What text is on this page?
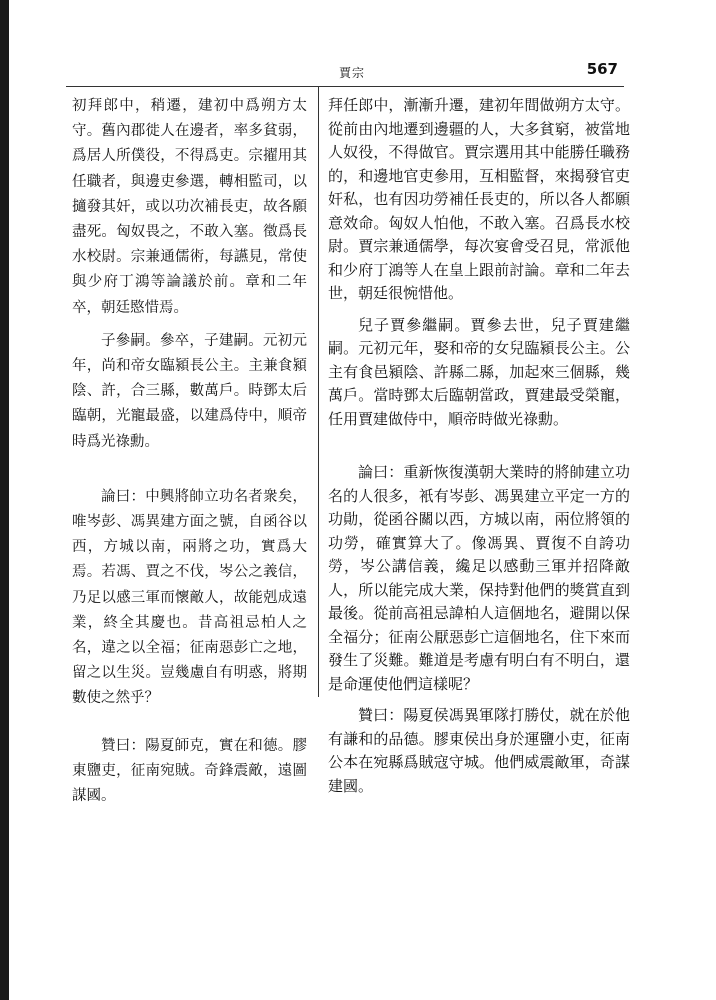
賈宗	567

初拜郎中，稍遷，建初中爲朔方太守。舊內郡徙人在邊者，率多貧弱，爲居人所僕役，不得爲吏。宗擢用其任職者，與邊吏參選，轉相監司，以擿發其奸，或以功次補長吏，故各願盡死。匈奴畏之，不敢入塞。徵爲長水校尉。宗兼通儒術，每讌見，常使與少府丁鴻等論議於前。章和二年卒，朝廷愍惜焉。

子參嗣。參卒，子建嗣。元初元年，尚和帝女臨潁長公主。主兼食潁陰、許，合三縣，數萬戶。時鄧太后臨朝，光寵最盛，以建爲侍中，順帝時爲光祿勳。

論曰：中興將帥立功名者衆矣，唯岑彭、馮異建方面之號，自函谷以西，方城以南，兩將之功，實爲大焉。若馮、賈之不伐，岑公之義信，乃足以感三軍而懷敵人，故能剋成遠業，終全其慶也。昔高祖忌柏人之名，違之以全福；征南惡彭亡之地，留之以生災。豈幾慮自有明惑，將期數使之然乎？

贊曰：陽夏師克，實在和德。膠東鹽吏，征南宛賊。奇鋒震敵，遠圖謀國。

拜任郎中，漸漸升遷，建初年間做朔方太守。從前由內地遷到邊疆的人，大多貧窮，被當地人奴役，不得做官。賈宗選用其中能勝任職務的，和邊地官吏參用，互相監督，來揭發官吏奸私，也有因功勞補任長吏的，所以各人都願意效命。匈奴人怕他，不敢入塞。召爲長水校尉。賈宗兼通儒學，每次宴會受召見，常派他和少府丁鴻等人在皇上跟前討論。章和二年去世，朝廷很惋惜他。

兒子賈參繼嗣。賈參去世，兒子賈建繼嗣。元初元年，娶和帝的女兒臨潁長公主。公主有食邑潁陰、許縣二縣，加起來三個縣，幾萬戶。當時鄧太后臨朝當政，賈建最受榮寵，任用賈建做侍中，順帝時做光祿勳。

論曰：重新恢復漢朝大業時的將帥建立功名的人很多，衹有岑彭、馮異建立平定一方的功勛，從函谷關以西，方城以南，兩位將領的功勞，確實算大了。像馮異、賈復不自誇功勞，岑公講信義，纔足以感動三軍并招降敵人，所以能完成大業，保持對他們的獎賞直到最後。從前高祖忌諱柏人這個地名，避開以保全福分；征南公厭惡彭亡這個地名，住下來而發生了災難。難道是考慮有明白有不明白，還是命運使他們這樣呢？

贊曰：陽夏侯馮異軍隊打勝仗，就在於他有謙和的品德。膠東侯出身於運鹽小吏，征南公本在宛縣爲賊寇守城。他們威震敵軍，奇謀建國。
